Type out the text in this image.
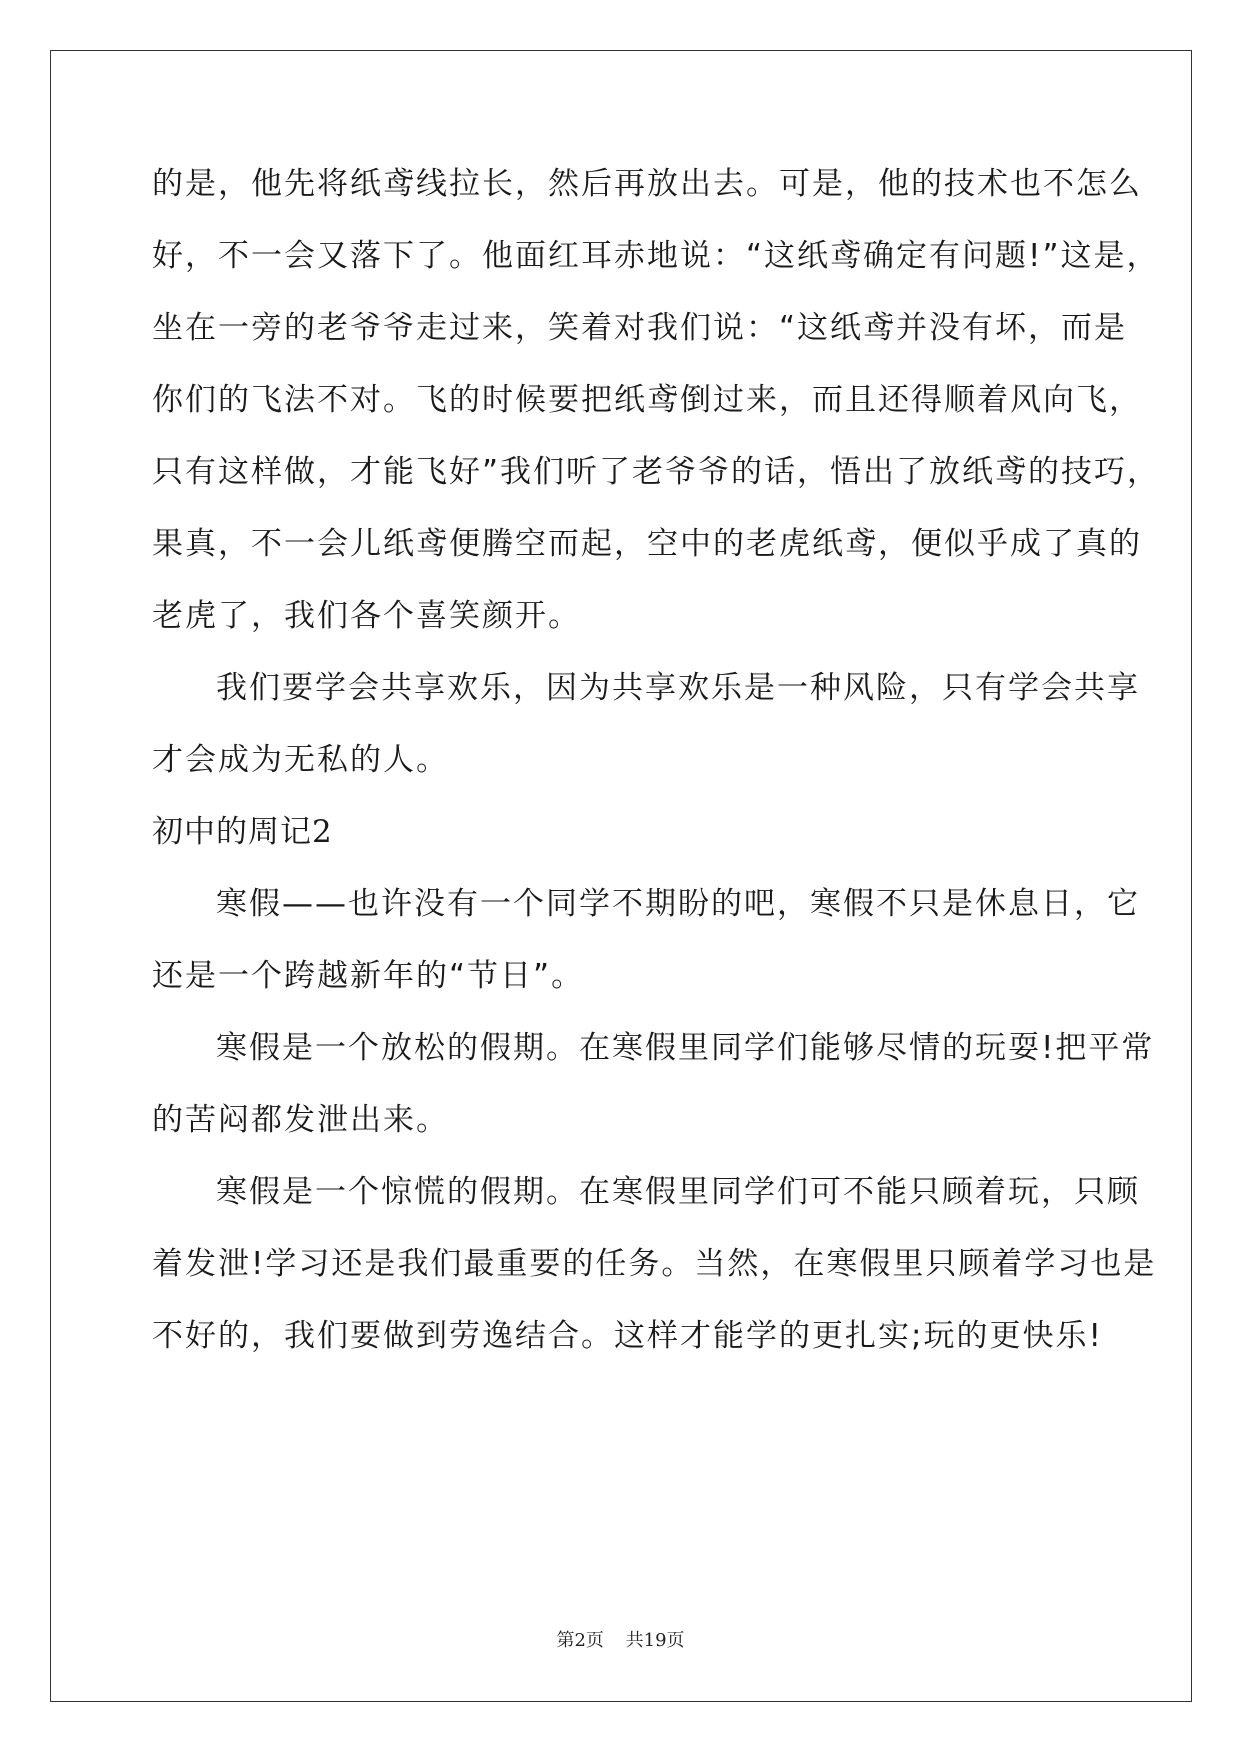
的是，他先将纸鸢线拉长，然后再放出去。可是，他的技术也不怎么
好，不一会又落下了。他面红耳赤地说：“这纸鸢确定有问题!”这是，
坐在一旁的老爷爷走过来，笑着对我们说：“这纸鸢并没有坏，而是
你们的飞法不对。飞的时候要把纸鸢倒过来，而且还得顺着风向飞，
只有这样做，才能飞好”我们听了老爷爷的话，悟出了放纸鸢的技巧，
果真，不一会儿纸鸢便腾空而起，空中的老虎纸鸢，便似乎成了真的
老虎了，我们各个喜笑颜开。
我们要学会共享欢乐，因为共享欢乐是一种风险，只有学会共享
才会成为无私的人。
初中的周记2
寒假——也许没有一个同学不期盼的吧，寒假不只是休息日，它
还是一个跨越新年的“节日”。
寒假是一个放松的假期。在寒假里同学们能够尽情的玩耍!把平常
的苦闷都发泄出来。
寒假是一个惊慌的假期。在寒假里同学们可不能只顾着玩，只顾
着发泄!学习还是我们最重要的任务。当然，在寒假里只顾着学习也是
不好的，我们要做到劳逸结合。这样才能学的更扎实;玩的更快乐!
第2页 共19页
